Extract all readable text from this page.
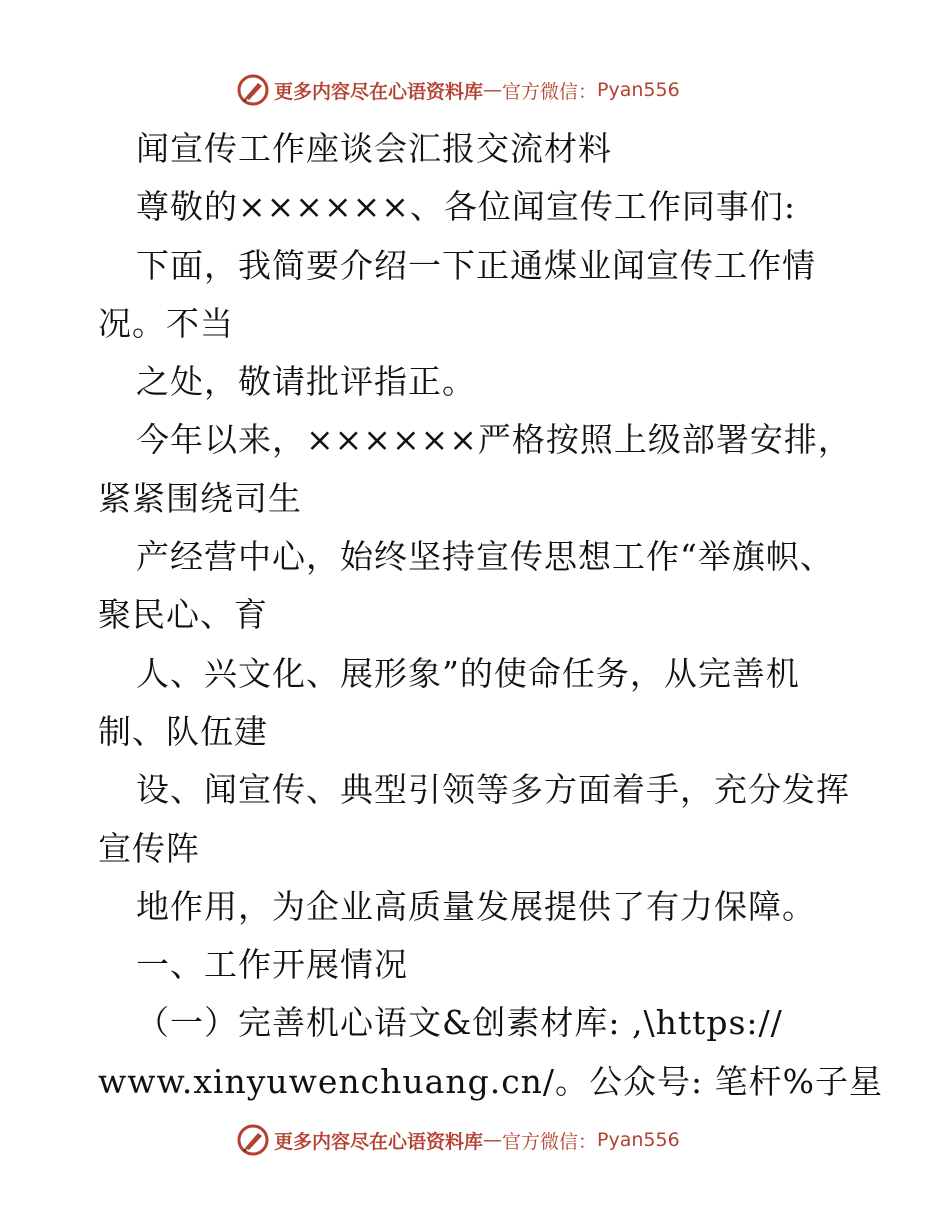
更多内容尽在心语资料库 — 官方微信： Pyan556
闻宣传工作座谈会汇报交流材料
尊敬的××××××、各位闻宣传工作同事们:
下面，我简要介绍一下正通煤业闻宣传工作情
况。不当
之处，敬请批评指正。
今年以来，××××××严格按照上级部署安排，
紧紧围绕司生
产经营中心，始终坚持宣传思想工作“举旗帜、
聚民心、育
人、兴文化、展形象”的使命任务，从完善机
制、队伍建
设、闻宣传、典型引领等多方面着手，充分发挥
宣传阵
地作用，为企业高质量发展提供了有力保障。
一、工作开展情况
（一）完善机心语文&创素材库: ,\https://
www.xinyuwenchuang.cn/。公众号: 笔杆%子星
更多内容尽在心语资料库 — 官方微信： Pyan556
